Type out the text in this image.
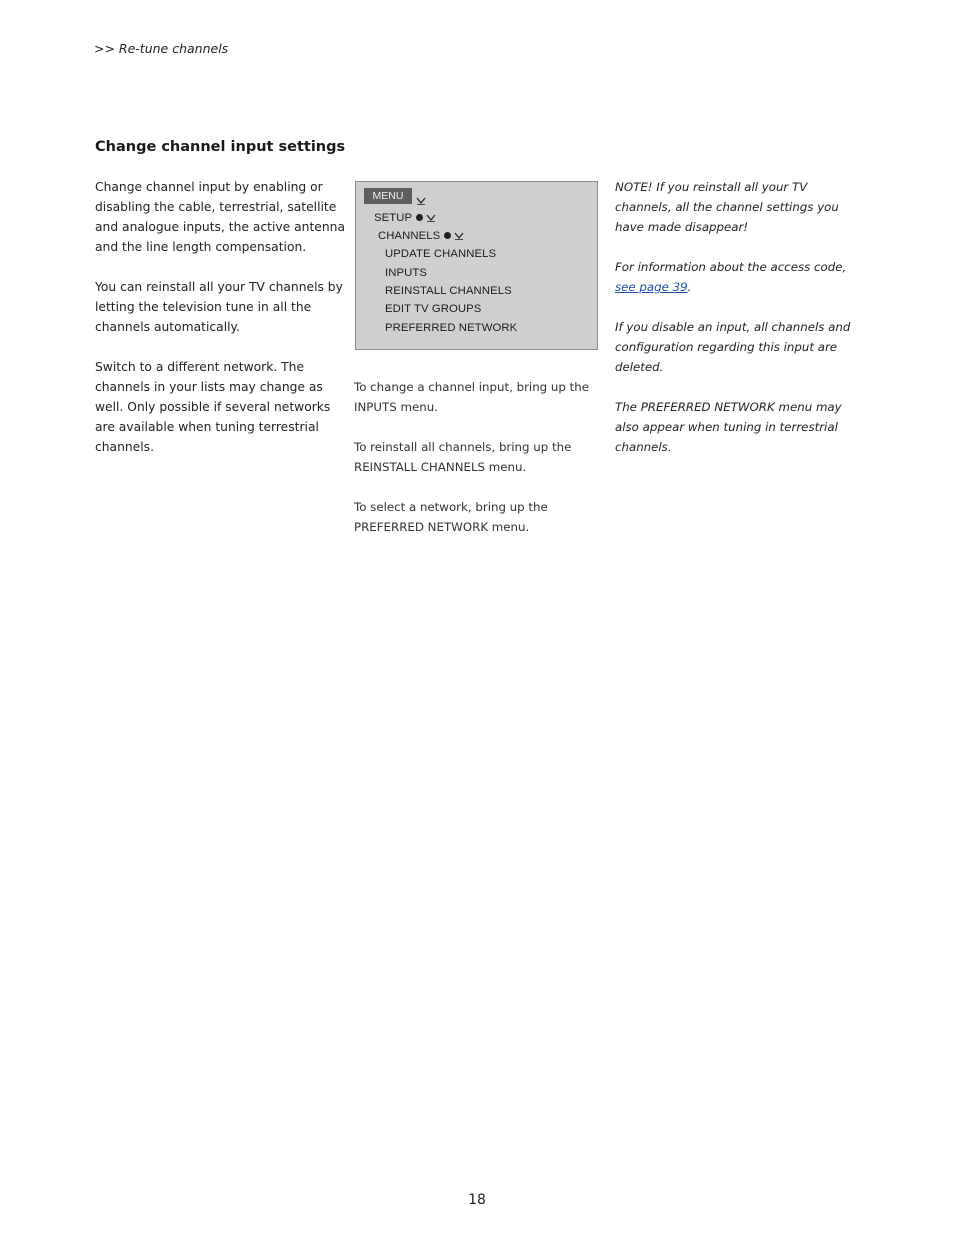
>> Re-tune channels
Change channel input settings

Change channel input by enabling or disabling the cable, terrestrial, satellite and analogue inputs, the active antenna and the line length compensation.

You can reinstall all your TV channels by letting the television tune in all the channels automatically.

Switch to a different network. The channels in your lists may change as well. Only possible if several networks are available when tuning terrestrial channels.

MENU
SETUP
CHANNELS
UPDATE CHANNELS
INPUTS
REINSTALL CHANNELS
EDIT TV GROUPS
PREFERRED NETWORK

To change a channel input, bring up the INPUTS menu.

To reinstall all channels, bring up the REINSTALL CHANNELS menu.

To select a network, bring up the PREFERRED NETWORK menu.

NOTE! If you reinstall all your TV channels, all the channel settings you have made disappear!

For information about the access code, see page 39.

If you disable an input, all channels and configuration regarding this input are deleted.

The PREFERRED NETWORK menu may also appear when tuning in terrestrial channels.

18
